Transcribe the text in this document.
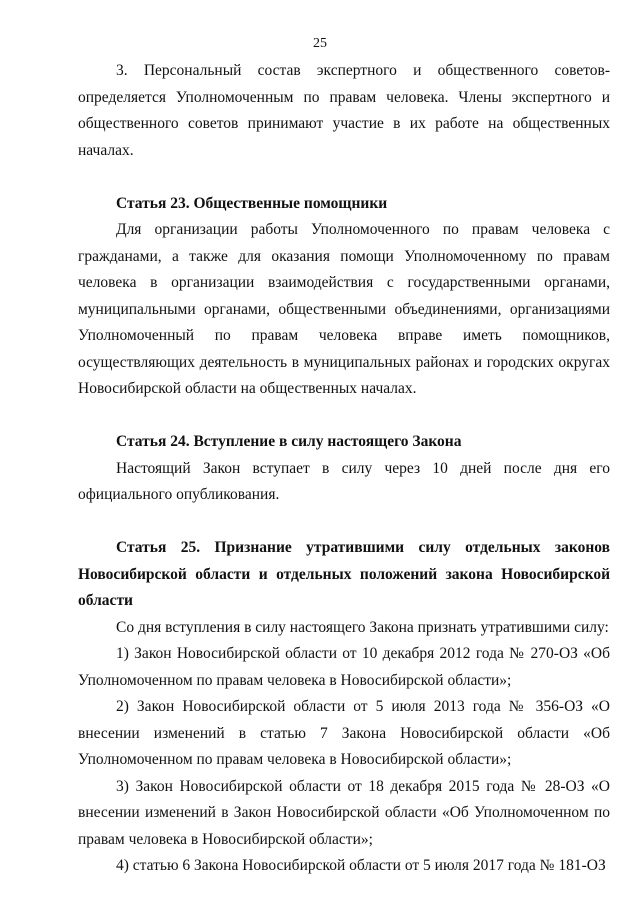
25

3. Персональный состав экспертного и общественного советов-определяется Уполномоченным по правам человека. Члены экспертного и общественного советов принимают участие в их работе на общественных началах.

Статья 23. Общественные помощники

Для организации работы Уполномоченного по правам человека с гражданами, а также для оказания помощи Уполномоченному по правам человека в организации взаимодействия с государственными органами, муниципальными органами, общественными объединениями, организациями Уполномоченный по правам человека вправе иметь помощников, осуществляющих деятельность в муниципальных районах и городских округах Новосибирской области на общественных началах.

Статья 24. Вступление в силу настоящего Закона

Настоящий Закон вступает в силу через 10 дней после дня его официального опубликования.

Статья 25. Признание утратившими силу отдельных законов Новосибирской области и отдельных положений закона Новосибирской области

Со дня вступления в силу настоящего Закона признать утратившими силу:

1) Закон Новосибирской области от 10 декабря 2012 года № 270-ОЗ «Об Уполномоченном по правам человека в Новосибирской области»;

2) Закон Новосибирской области от 5 июля 2013 года № 356-ОЗ «О внесении изменений в статью 7 Закона Новосибирской области «Об Уполномоченном по правам человека в Новосибирской области»;

3) Закон Новосибирской области от 18 декабря 2015 года № 28-ОЗ «О внесении изменений в Закон Новосибирской области «Об Уполномоченном по правам человека в Новосибирской области»;

4) статью 6 Закона Новосибирской области от 5 июля 2017 года № 181-ОЗ
